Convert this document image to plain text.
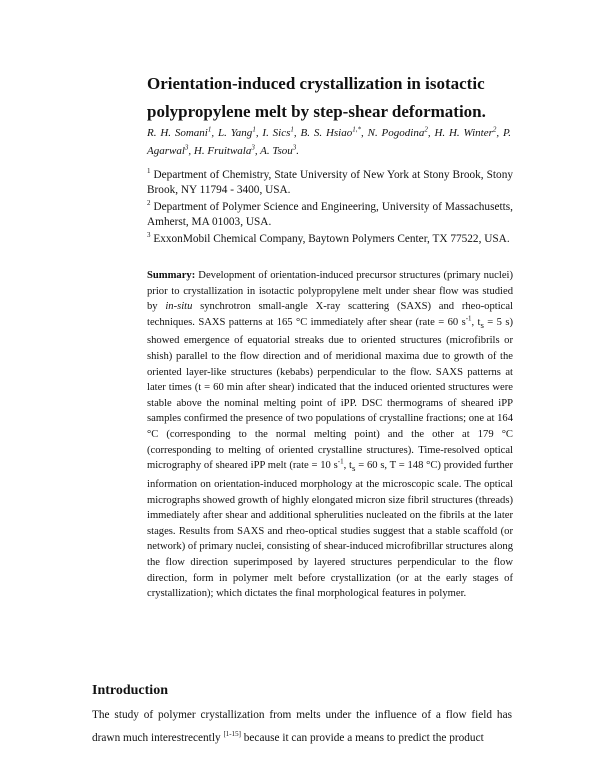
Orientation-induced crystallization in isotactic
polypropylene melt by step-shear deformation.
R. H. Somani$^1$, L. Yang$^1$, I. Sics$^1$, B. S. Hsiao$^{1,*}$, N. Pogodina$^2$, H. H. Winter$^2$, P. Agarwal$^3$, H. Fruitwala$^3$, A. Tsou$^3$.

$^1$ Department of Chemistry, State University of New York at Stony Brook, Stony Brook, NY 11794 - 3400, USA.

$^2$ Department of Polymer Science and Engineering, University of Massachusetts, Amherst, MA 01003, USA.

$^3$ ExxonMobil Chemical Company, Baytown Polymers Center, TX 77522, USA.

Summary: Development of orientation-induced precursor structures (primary nuclei) prior to crystallization in isotactic polypropylene melt under shear flow was studied by in-situ synchrotron small-angle X-ray scattering (SAXS) and rheo-optical techniques. SAXS patterns at 165 °C immediately after shear (rate = 60 $s^{-1}$, $t_s = 5$ s) showed emergence of equatorial streaks due to oriented structures (microfibrils or shish) parallel to the flow direction and of meridional maxima due to growth of the oriented layer-like structures (kebabs) perpendicular to the flow. SAXS patterns at later times (t = 60 min after shear) indicated that the induced oriented structures were stable above the nominal melting point of iPP. DSC thermograms of sheared iPP samples confirmed the presence of two populations of crystalline fractions; one at 164 °C (corresponding to the normal melting point) and the other at 179 °C (corresponding to melting of oriented crystalline structures). Time-resolved optical micrography of sheared iPP melt (rate = 10 $s^{-1}$, $t_s = 60$ s, T = 148 °C) provided further information on orientation-induced morphology at the microscopic scale. The optical micrographs showed growth of highly elongated micron size fibril structures (threads) immediately after shear and additional spherulities nucleated on the fibrils at the later stages. Results from SAXS and rheo-optical studies suggest that a stable scaffold (or network) of primary nuclei, consisting of shear-induced microfibrillar structures along the flow direction superimposed by layered structures perpendicular to the flow direction, form in polymer melt before crystallization (or at the early stages of crystallization); which dictates the final morphological features in polymer.
Introduction
The study of polymer crystallization from melts under the influence of a flow field has drawn much interestrecently [1-15] because it can provide a means to predict the product
